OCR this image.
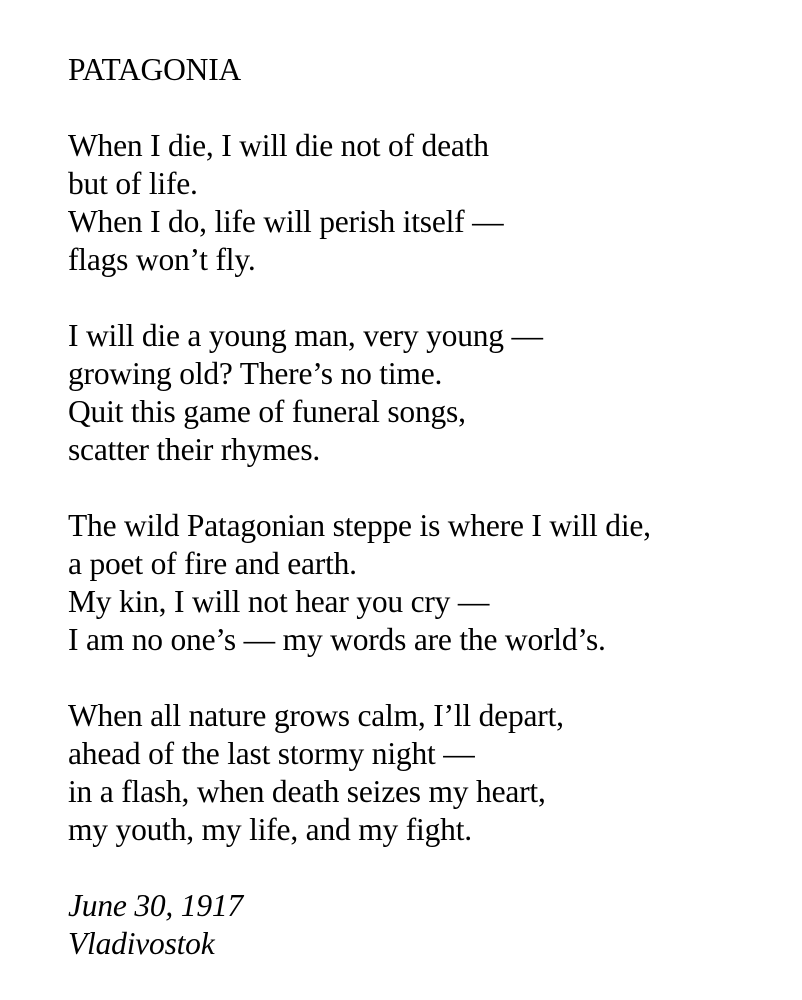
PATAGONIA
When I die, I will die not of death
but of life.
When I do, life will perish itself —
flags won’t fly.
I will die a young man, very young —
growing old? There’s no time.
Quit this game of funeral songs,
scatter their rhymes.
The wild Patagonian steppe is where I will die,
a poet of fire and earth.
My kin, I will not hear you cry —
I am no one’s — my words are the world’s.
When all nature grows calm, I’ll depart,
ahead of the last stormy night —
in a flash, when death seizes my heart,
my youth, my life, and my fight.
June 30, 1917
Vladivostok
